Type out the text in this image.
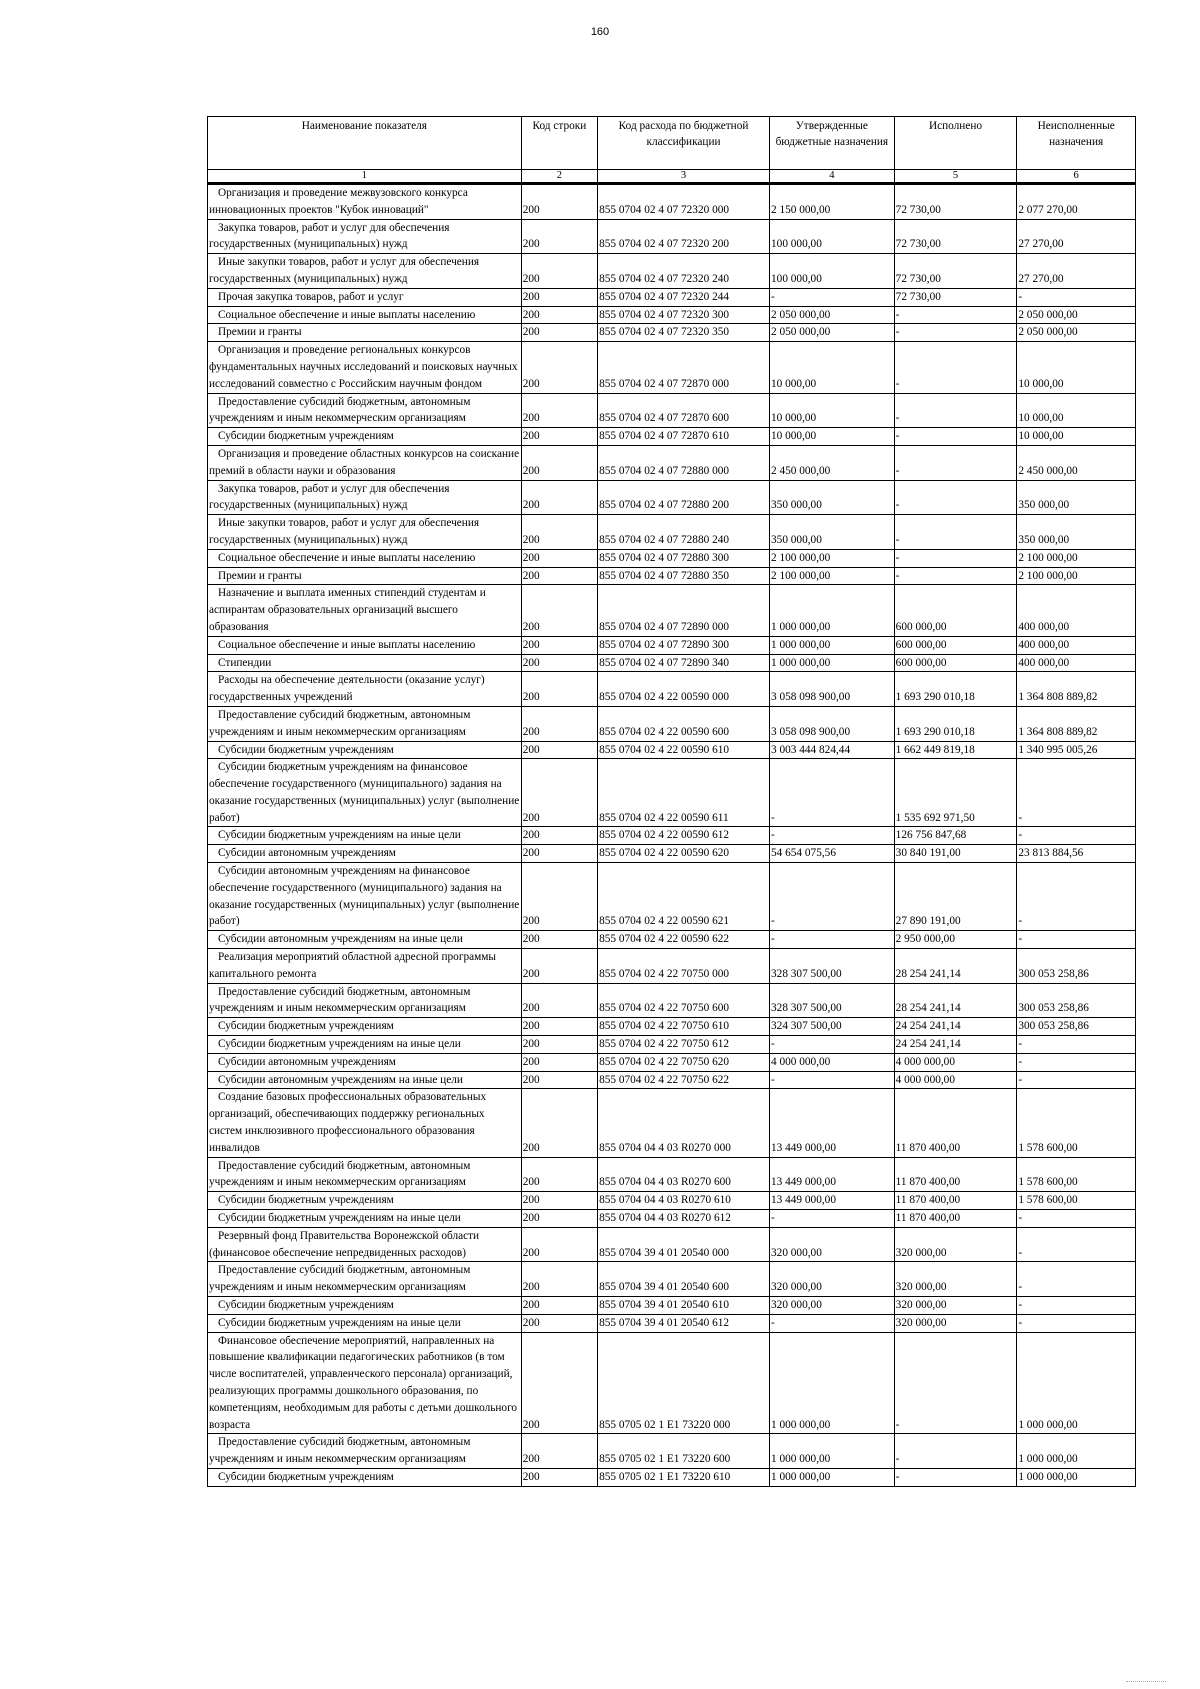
160
Наименование показателя	Код строки	Код расхода по бюджетной классификации	Утвержденные бюджетные назначения	Исполнено	Неисполненные назначения
1	2	3	4	5	6
Организация и проведение межвузовского конкурса инновационных проектов "Кубок инноваций"	200	855 0704 02 4 07 72320 000	2 150 000,00	72 730,00	2 077 270,00
Закупка товаров, работ и услуг для обеспечения государственных (муниципальных) нужд	200	855 0704 02 4 07 72320 200	100 000,00	72 730,00	27 270,00
Иные закупки товаров, работ и услуг для обеспечения государственных (муниципальных) нужд	200	855 0704 02 4 07 72320 240	100 000,00	72 730,00	27 270,00
Прочая закупка товаров, работ и услуг	200	855 0704 02 4 07 72320 244	-	72 730,00	-
Социальное обеспечение и иные выплаты населению	200	855 0704 02 4 07 72320 300	2 050 000,00	-	2 050 000,00
Премии и гранты	200	855 0704 02 4 07 72320 350	2 050 000,00	-	2 050 000,00
Организация и проведение региональных конкурсов фундаментальных научных исследований и поисковых научных исследований совместно с Российским научным фондом	200	855 0704 02 4 07 72870 000	10 000,00	-	10 000,00
Предоставление субсидий бюджетным, автономным учреждениям и иным некоммерческим организациям	200	855 0704 02 4 07 72870 600	10 000,00	-	10 000,00
Субсидии бюджетным учреждениям	200	855 0704 02 4 07 72870 610	10 000,00	-	10 000,00
Организация и проведение областных конкурсов на соискание премий в области науки и образования	200	855 0704 02 4 07 72880 000	2 450 000,00	-	2 450 000,00
Закупка товаров, работ и услуг для обеспечения государственных (муниципальных) нужд	200	855 0704 02 4 07 72880 200	350 000,00	-	350 000,00
Иные закупки товаров, работ и услуг для обеспечения государственных (муниципальных) нужд	200	855 0704 02 4 07 72880 240	350 000,00	-	350 000,00
Социальное обеспечение и иные выплаты населению	200	855 0704 02 4 07 72880 300	2 100 000,00	-	2 100 000,00
Премии и гранты	200	855 0704 02 4 07 72880 350	2 100 000,00	-	2 100 000,00
Назначение и выплата именных стипендий студентам и аспирантам образовательных организаций высшего образования	200	855 0704 02 4 07 72890 000	1 000 000,00	600 000,00	400 000,00
Социальное обеспечение и иные выплаты населению	200	855 0704 02 4 07 72890 300	1 000 000,00	600 000,00	400 000,00
Стипендии	200	855 0704 02 4 07 72890 340	1 000 000,00	600 000,00	400 000,00
Расходы на обеспечение деятельности (оказание услуг) государственных учреждений	200	855 0704 02 4 22 00590 000	3 058 098 900,00	1 693 290 010,18	1 364 808 889,82
Предоставление субсидий бюджетным, автономным учреждениям и иным некоммерческим организациям	200	855 0704 02 4 22 00590 600	3 058 098 900,00	1 693 290 010,18	1 364 808 889,82
Субсидии бюджетным учреждениям	200	855 0704 02 4 22 00590 610	3 003 444 824,44	1 662 449 819,18	1 340 995 005,26
Субсидии бюджетным учреждениям на финансовое обеспечение государственного (муниципального) задания на оказание государственных (муниципальных) услуг (выполнение работ)	200	855 0704 02 4 22 00590 611	-	1 535 692 971,50	-
Субсидии бюджетным учреждениям на иные цели	200	855 0704 02 4 22 00590 612	-	126 756 847,68	-
Субсидии автономным учреждениям	200	855 0704 02 4 22 00590 620	54 654 075,56	30 840 191,00	23 813 884,56
Субсидии автономным учреждениям на финансовое обеспечение государственного (муниципального) задания на оказание государственных (муниципальных) услуг (выполнение работ)	200	855 0704 02 4 22 00590 621	-	27 890 191,00	-
Субсидии автономным учреждениям на иные цели	200	855 0704 02 4 22 00590 622	-	2 950 000,00	-
Реализация мероприятий областной адресной программы капитального ремонта	200	855 0704 02 4 22 70750 000	328 307 500,00	28 254 241,14	300 053 258,86
Предоставление субсидий бюджетным, автономным учреждениям и иным некоммерческим организациям	200	855 0704 02 4 22 70750 600	328 307 500,00	28 254 241,14	300 053 258,86
Субсидии бюджетным учреждениям	200	855 0704 02 4 22 70750 610	324 307 500,00	24 254 241,14	300 053 258,86
Субсидии бюджетным учреждениям на иные цели	200	855 0704 02 4 22 70750 612	-	24 254 241,14	-
Субсидии автономным учреждениям	200	855 0704 02 4 22 70750 620	4 000 000,00	4 000 000,00	-
Субсидии автономным учреждениям на иные цели	200	855 0704 02 4 22 70750 622	-	4 000 000,00	-
Создание базовых профессиональных образовательных организаций, обеспечивающих поддержку региональных систем инклюзивного профессионального образования инвалидов	200	855 0704 04 4 03 R0270 000	13 449 000,00	11 870 400,00	1 578 600,00
Предоставление субсидий бюджетным, автономным учреждениям и иным некоммерческим организациям	200	855 0704 04 4 03 R0270 600	13 449 000,00	11 870 400,00	1 578 600,00
Субсидии бюджетным учреждениям	200	855 0704 04 4 03 R0270 610	13 449 000,00	11 870 400,00	1 578 600,00
Субсидии бюджетным учреждениям на иные цели	200	855 0704 04 4 03 R0270 612	-	11 870 400,00	-
Резервный фонд Правительства Воронежской области (финансовое обеспечение непредвиденных расходов)	200	855 0704 39 4 01 20540 000	320 000,00	320 000,00	-
Предоставление субсидий бюджетным, автономным учреждениям и иным некоммерческим организациям	200	855 0704 39 4 01 20540 600	320 000,00	320 000,00	-
Субсидии бюджетным учреждениям	200	855 0704 39 4 01 20540 610	320 000,00	320 000,00	-
Субсидии бюджетным учреждениям на иные цели	200	855 0704 39 4 01 20540 612	-	320 000,00	-
Финансовое обеспечение мероприятий, направленных на повышение квалификации педагогических работников (в том числе воспитателей, управленческого персонала) организаций, реализующих программы дошкольного образования, по компетенциям, необходимым для работы с детьми дошкольного возраста	200	855 0705 02 1 E1 73220 000	1 000 000,00	-	1 000 000,00
Предоставление субсидий бюджетным, автономным учреждениям и иным некоммерческим организациям	200	855 0705 02 1 E1 73220 600	1 000 000,00	-	1 000 000,00
Субсидии бюджетным учреждениям	200	855 0705 02 1 E1 73220 610	1 000 000,00	-	1 000 000,00
